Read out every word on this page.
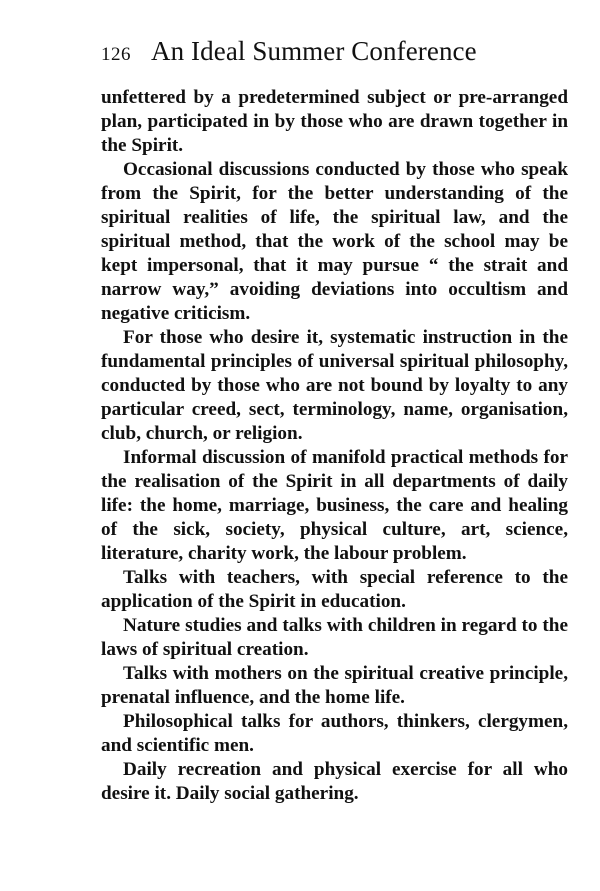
126 An Ideal Summer Conference

unfettered by a predetermined subject or pre-arranged plan, participated in by those who are drawn together in the Spirit.

Occasional discussions conducted by those who speak from the Spirit, for the better understanding of the spiritual realities of life, the spiritual law, and the spiritual method, that the work of the school may be kept impersonal, that it may pursue “ the strait and narrow way,” avoiding deviations into occultism and negative criticism.

For those who desire it, systematic instruction in the fundamental principles of universal spiritual philosophy, conducted by those who are not bound by loyalty to any particular creed, sect, terminology, name, organisation, club, church, or religion.

Informal discussion of manifold practical methods for the realisation of the Spirit in all departments of daily life: the home, marriage, business, the care and healing of the sick, society, physical culture, art, science, literature, charity work, the labour problem.

Talks with teachers, with special reference to the application of the Spirit in education.

Nature studies and talks with children in regard to the laws of spiritual creation.

Talks with mothers on the spiritual creative principle, prenatal influence, and the home life.

Philosophical talks for authors, thinkers, clergymen, and scientific men.

Daily recreation and physical exercise for all who desire it. Daily social gathering.
